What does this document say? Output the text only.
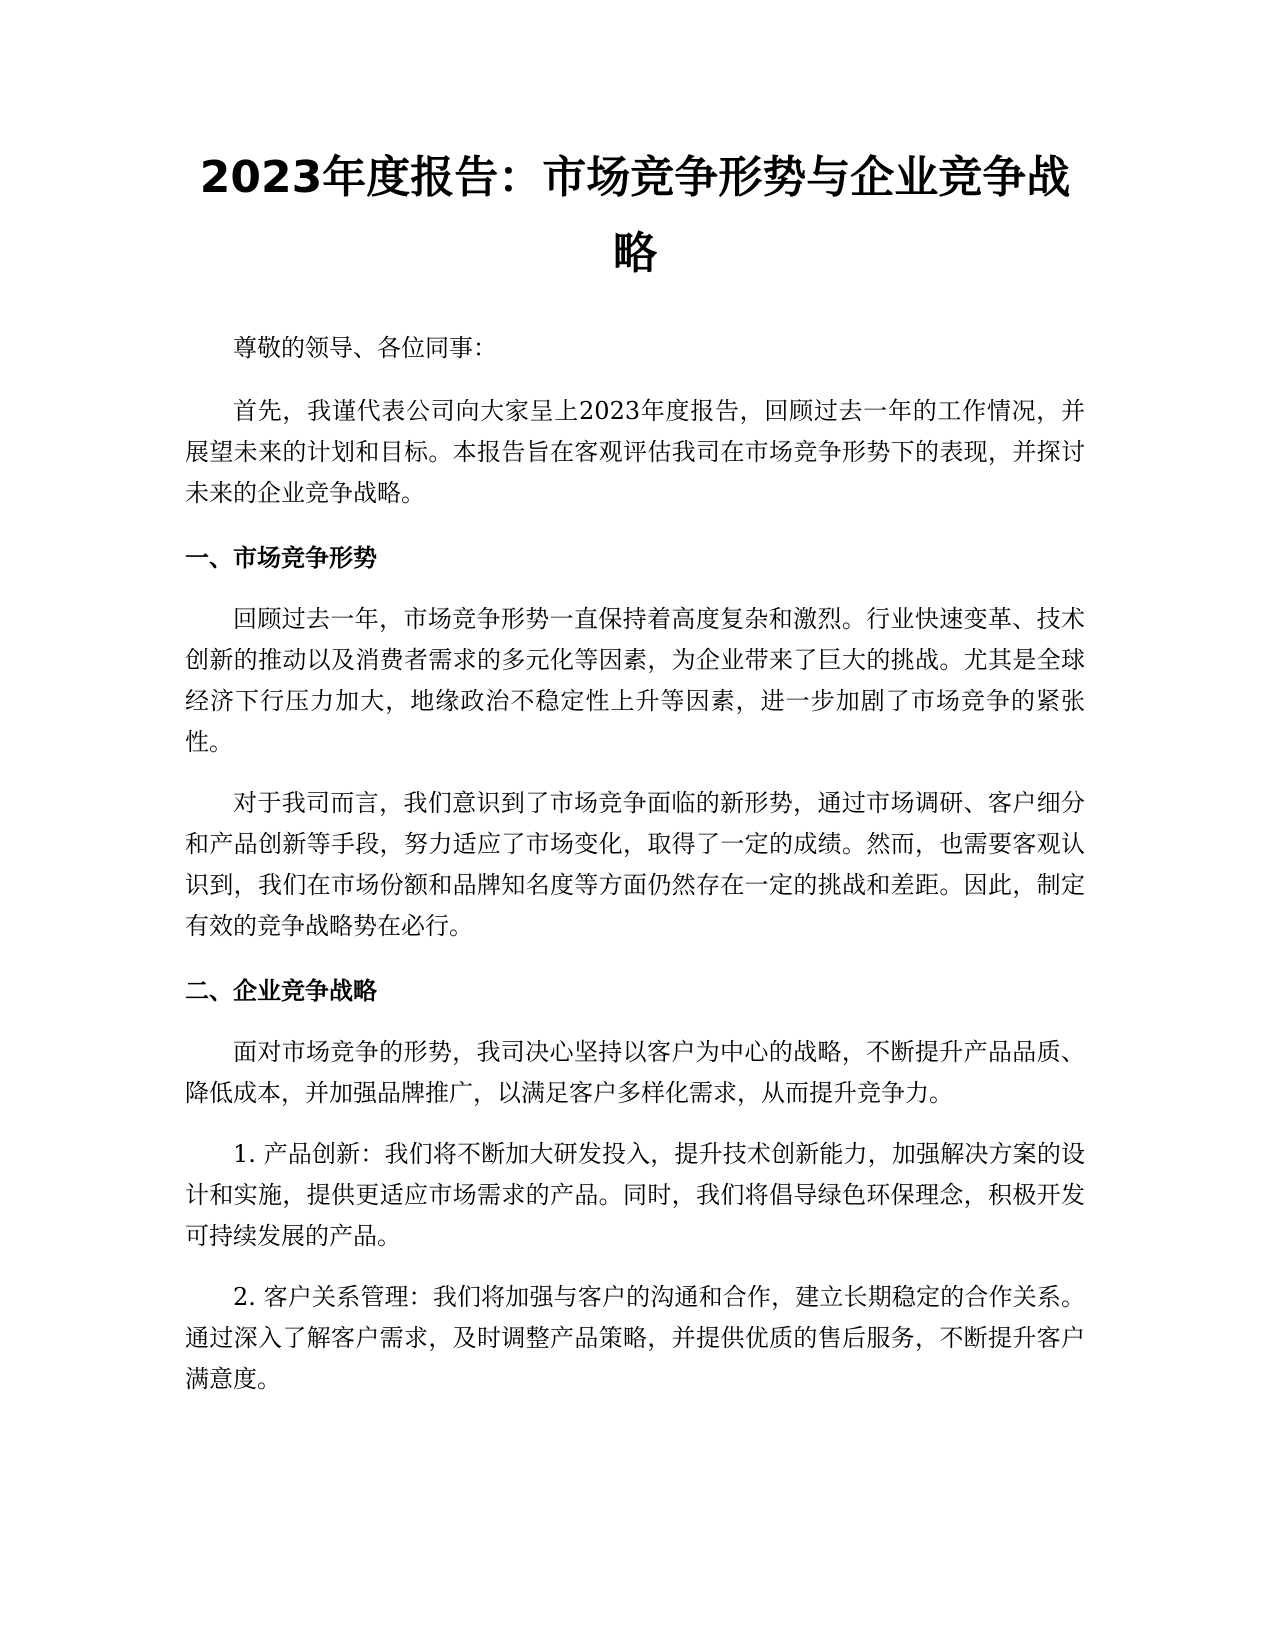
2023年度报告：市场竞争形势与企业竞争战
略

尊敬的领导、各位同事：

首先，我谨代表公司向大家呈上2023年度报告，回顾过去一年的工作情况，并展望未来的计划和目标。本报告旨在客观评估我司在市场竞争形势下的表现，并探讨未来的企业竞争战略。

一、市场竞争形势

回顾过去一年，市场竞争形势一直保持着高度复杂和激烈。行业快速变革、技术创新的推动以及消费者需求的多元化等因素，为企业带来了巨大的挑战。尤其是全球经济下行压力加大，地缘政治不稳定性上升等因素，进一步加剧了市场竞争的紧张性。

对于我司而言，我们意识到了市场竞争面临的新形势，通过市场调研、客户细分和产品创新等手段，努力适应了市场变化，取得了一定的成绩。然而，也需要客观认识到，我们在市场份额和品牌知名度等方面仍然存在一定的挑战和差距。因此，制定有效的竞争战略势在必行。

二、企业竞争战略

面对市场竞争的形势，我司决心坚持以客户为中心的战略，不断提升产品品质、降低成本，并加强品牌推广，以满足客户多样化需求，从而提升竞争力。

1. 产品创新：我们将不断加大研发投入，提升技术创新能力，加强解决方案的设计和实施，提供更适应市场需求的产品。同时，我们将倡导绿色环保理念，积极开发可持续发展的产品。

2. 客户关系管理：我们将加强与客户的沟通和合作，建立长期稳定的合作关系。通过深入了解客户需求，及时调整产品策略，并提供优质的售后服务，不断提升客户满意度。
